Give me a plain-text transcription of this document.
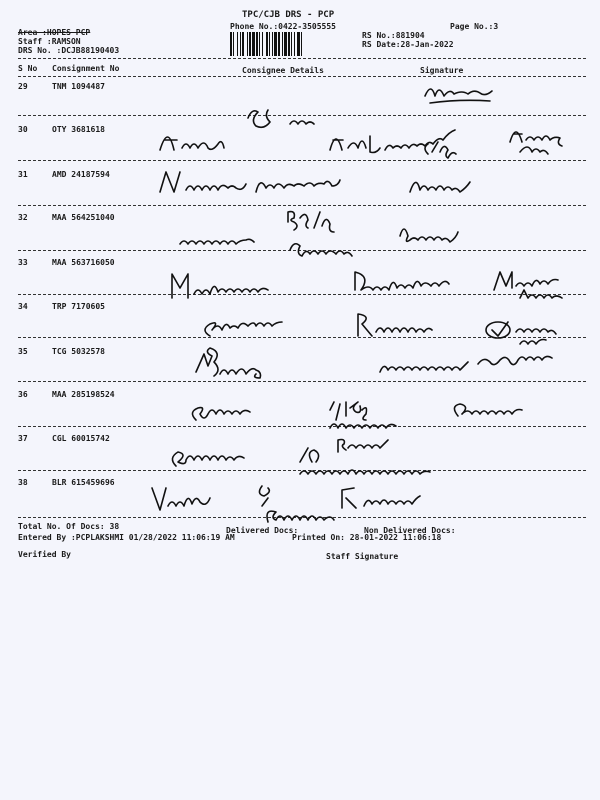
TPC/CJB DRS - PCP
Phone No.:0422-3505555	Page No.:3
Area :HOPES PCP
Staff :RAMSON
DRS No. :DCJB88190403
RS No.:881904
RS Date:28-Jan-2022
S No Consignment No	Consignee Details	Signature
29	TNM 1094487
30	OTY 3681618
31	AMD 24187594
32	MAA 564251040
33	MAA 563716050
34	TRP 7170605
35	TCG 5032578
36	MAA 285198524
37	CGL 60015742
38	BLR 615459696
Total No. Of Docs: 38	Delivered Docs:	Non Delivered Docs:
Entered By :PCPLAKSHMI 01/28/2022 11:06:19 AM	Printed On: 28-01-2022 11:06:18
Verified By	Staff Signature
